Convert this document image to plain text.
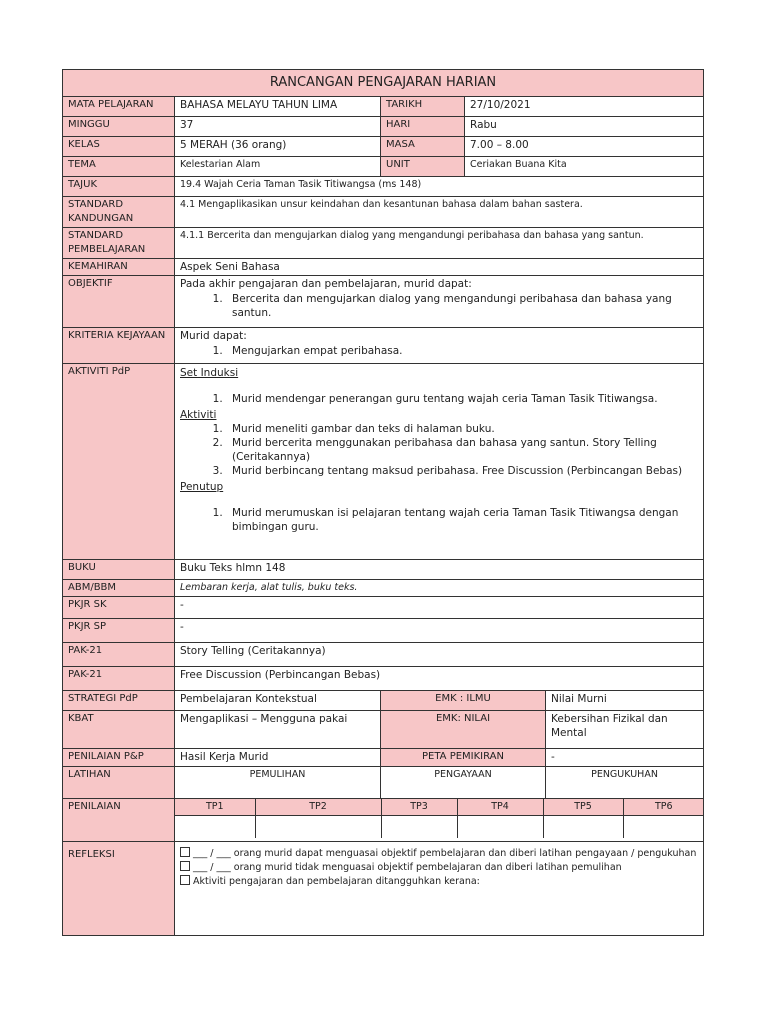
RANCANGAN PENGAJARAN HARIAN
MATA PELAJARAN	BAHASA MELAYU TAHUN LIMA	TARIKH	27/10/2021
MINGGU	37	HARI	Rabu
KELAS	5 MERAH (36 orang)	MASA	7.00 – 8.00
TEMA	Kelestarian Alam	UNIT	Ceriakan Buana Kita
TAJUK	19.4 Wajah Ceria Taman Tasik Titiwangsa (ms 148)
STANDARD KANDUNGAN	4.1 Mengaplikasikan unsur keindahan dan kesantunan bahasa dalam bahan sastera.
STANDARD PEMBELAJARAN	4.1.1 Bercerita dan mengujarkan dialog yang mengandungi peribahasa dan bahasa yang santun.
KEMAHIRAN	Aspek Seni Bahasa
OBJEKTIF	Pada akhir pengajaran dan pembelajaran, murid dapat:
1. Bercerita dan mengujarkan dialog yang mengandungi peribahasa dan bahasa yang santun.

KRITERIA KEJAYAAN	Murid dapat:
1. Mengujarkan empat peribahasa.

AKTIVITI PdP	Set Induksi
1. Murid mendengar penerangan guru tentang wajah ceria Taman Tasik Titiwangsa.
Aktiviti
1. Murid meneliti gambar dan teks di halaman buku.
2. Murid bercerita menggunakan peribahasa dan bahasa yang santun. Story Telling (Ceritakannya)
3. Murid berbincang tentang maksud peribahasa. Free Discussion (Perbincangan Bebas)
Penutup
1. Murid merumuskan isi pelajaran tentang wajah ceria Taman Tasik Titiwangsa dengan bimbingan guru.

BUKU	Buku Teks hlmn 148
ABM/BBM	Lembaran kerja, alat tulis, buku teks.
PKJR SK	-
PKJR SP	-
PAK-21	Story Telling (Ceritakannya)
PAK-21	Free Discussion (Perbincangan Bebas)
STRATEGI PdP	Pembelajaran Kontekstual	EMK : ILMU	Nilai Murni
KBAT	Mengaplikasi – Mengguna pakai	EMK: NILAI	Kebersihan Fizikal dan Mental
PENILAIAN P&P	Hasil Kerja Murid	PETA PEMIKIRAN	-
LATIHAN	PEMULIHAN	PENGAYAAN	PENGUKUHAN
PENILAIAN		TP1	TP2	TP3	TP4	TP5	TP6

REFLEKSI	___ / ___ orang murid dapat menguasai objektif pembelajaran dan diberi latihan pengayaan / pengukuhan
___ / ___ orang murid tidak menguasai objektif pembelajaran dan diberi latihan pemulihan
Aktiviti pengajaran dan pembelajaran ditangguhkan kerana:
